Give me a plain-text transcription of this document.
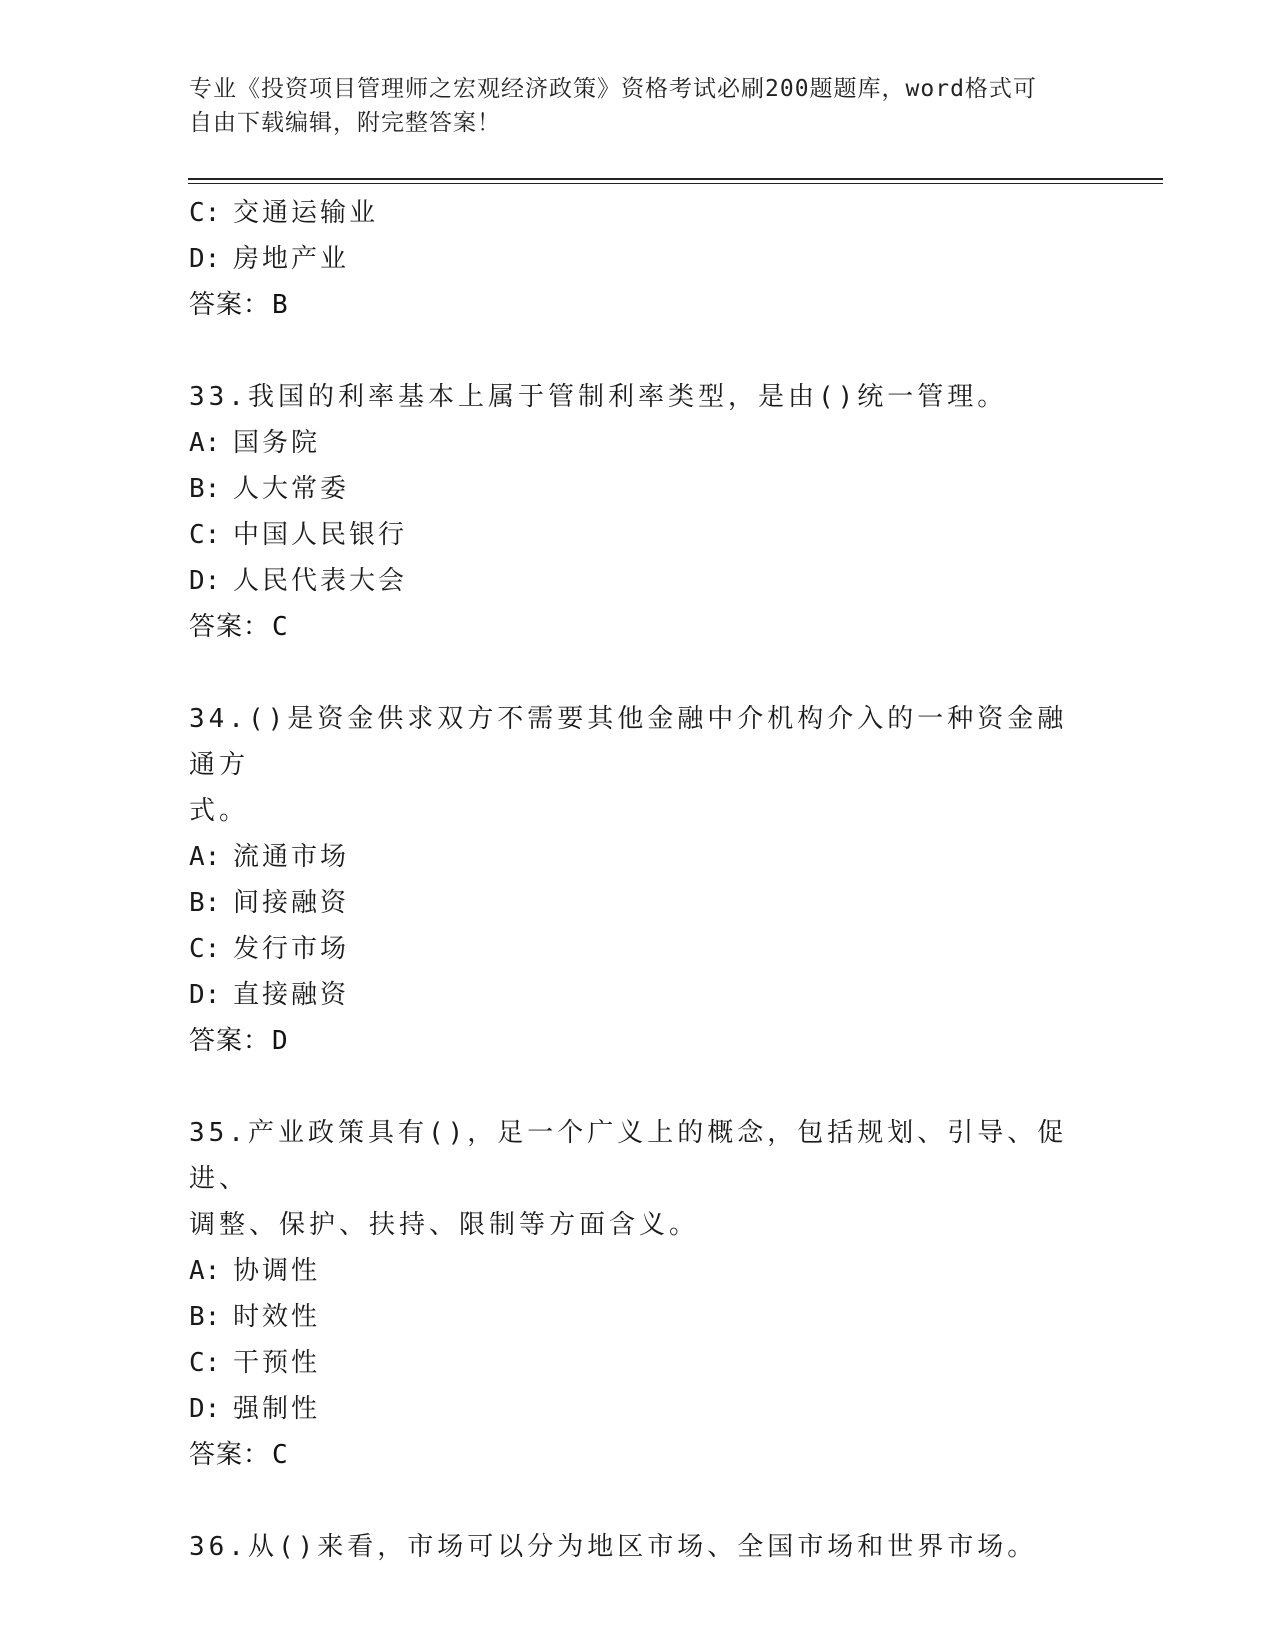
专业《投资项目管理师之宏观经济政策》资格考试必刷200题题库，word格式可
自由下载编辑，附完整答案！
C: 交通运输业
D: 房地产业
答案：B
33.我国的利率基本上属于管制利率类型，是由()统一管理。
A: 国务院
B: 人大常委
C: 中国人民银行
D: 人民代表大会
答案：C
34.()是资金供求双方不需要其他金融中介机构介入的一种资金融通方
式。
A: 流通市场
B: 间接融资
C: 发行市场
D: 直接融资
答案：D
35.产业政策具有()，足一个广义上的概念，包括规划、引导、促进、
调整、保护、扶持、限制等方面含义。
A: 协调性
B: 时效性
C: 干预性
D: 强制性
答案：C
36.从()来看，市场可以分为地区市场、全国市场和世界市场。
